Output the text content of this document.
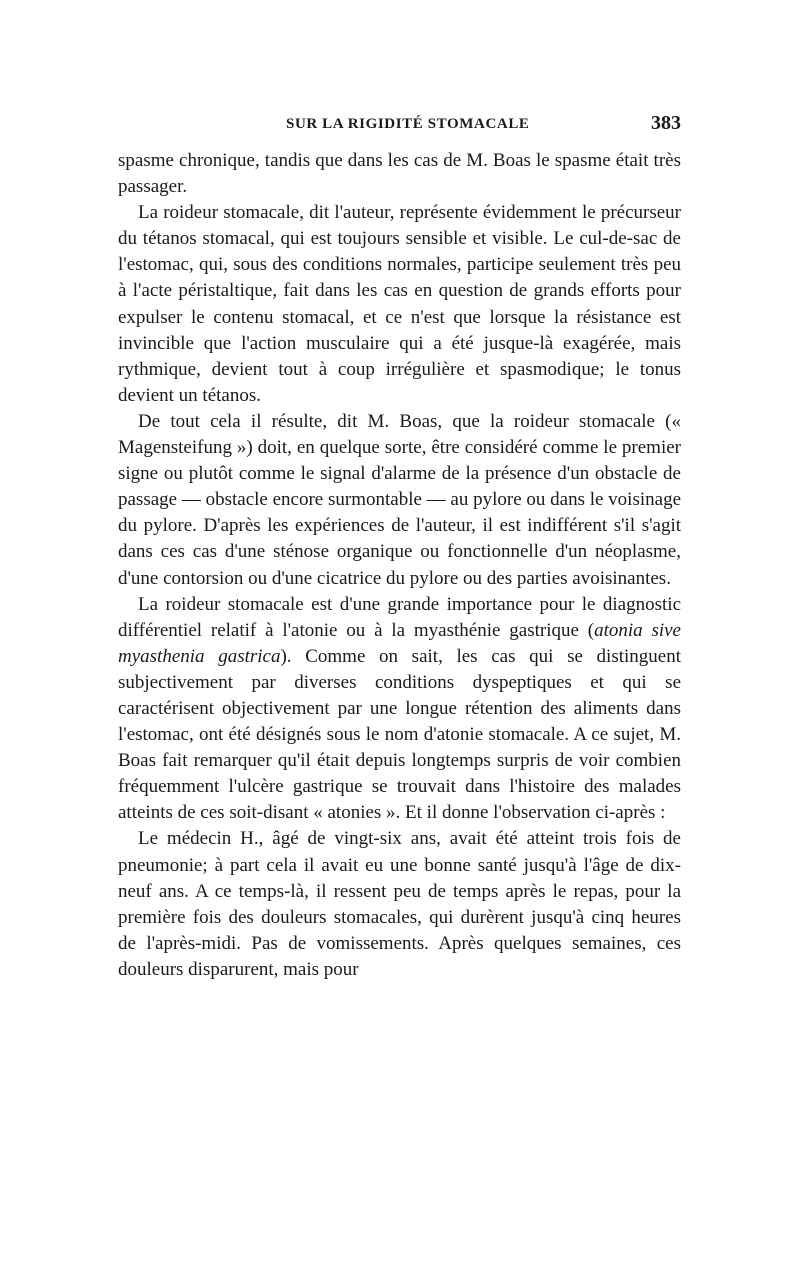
SUR LA RIGIDITÉ STOMACALE	383

spasme chronique, tandis que dans les cas de M. Boas le spasme était très passager.

La roideur stomacale, dit l'auteur, représente évidemment le précurseur du tétanos stomacal, qui est toujours sensible et visible. Le cul-de-sac de l'estomac, qui, sous des conditions normales, participe seulement très peu à l'acte péristaltique, fait dans les cas en question de grands efforts pour expulser le contenu stomacal, et ce n'est que lorsque la résistance est invincible que l'action musculaire qui a été jusque-là exagérée, mais rythmique, devient tout à coup irrégulière et spasmodique; le tonus devient un tétanos.

De tout cela il résulte, dit M. Boas, que la roideur stomacale (« Magensteifung ») doit, en quelque sorte, être considéré comme le premier signe ou plutôt comme le signal d'alarme de la présence d'un obstacle de passage — obstacle encore surmontable — au pylore ou dans le voisinage du pylore. D'après les expériences de l'auteur, il est indifférent s'il s'agit dans ces cas d'une sténose organique ou fonctionnelle d'un néoplasme, d'une contorsion ou d'une cicatrice du pylore ou des parties avoisinantes.

La roideur stomacale est d'une grande importance pour le diagnostic différentiel relatif à l'atonie ou à la myasthénie gastrique (atonia sive myasthenia gastrica). Comme on sait, les cas qui se distinguent subjectivement par diverses conditions dyspeptiques et qui se caractérisent objectivement par une longue rétention des aliments dans l'estomac, ont été désignés sous le nom d'atonie stomacale. A ce sujet, M. Boas fait remarquer qu'il était depuis longtemps surpris de voir combien fréquemment l'ulcère gastrique se trouvait dans l'histoire des malades atteints de ces soit-disant « atonies ». Et il donne l'observation ci-après :

Le médecin H., âgé de vingt-six ans, avait été atteint trois fois de pneumonie; à part cela il avait eu une bonne santé jusqu'à l'âge de dix-neuf ans. A ce temps-là, il ressent peu de temps après le repas, pour la première fois des douleurs stomacales, qui durèrent jusqu'à cinq heures de l'après-midi. Pas de vomissements. Après quelques semaines, ces douleurs disparurent, mais pour
